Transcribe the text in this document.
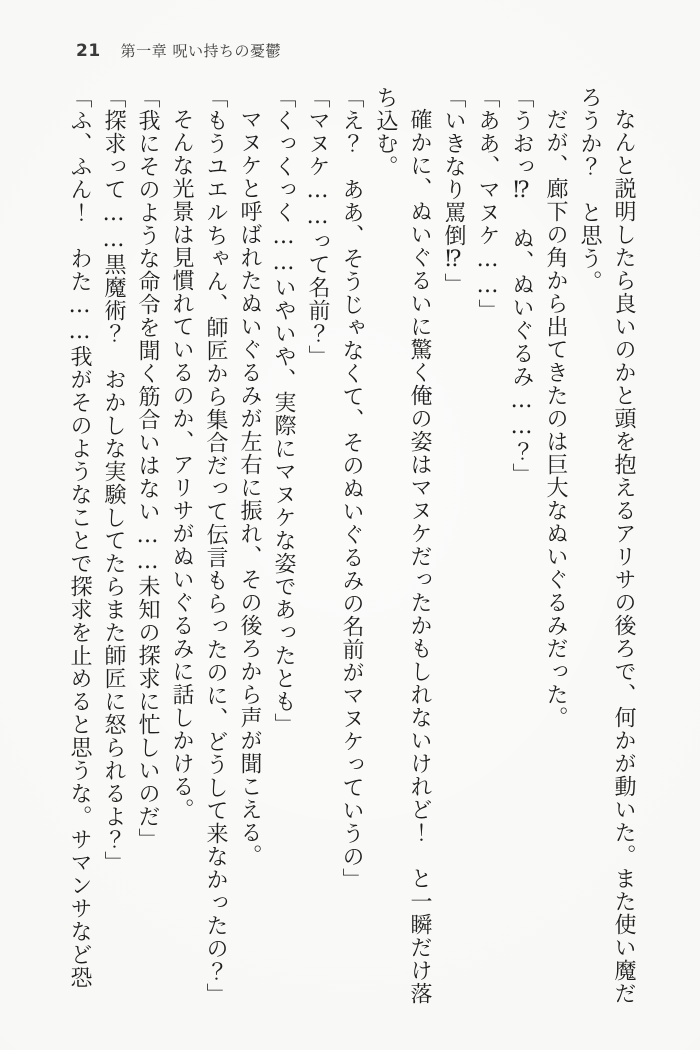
21 第一章 呪い持ちの憂鬱

なんと説明したら良いのかと頭を抱えるアリサの後ろで、何かが動いた。また使い魔だろうか？　と思う。

だが、廊下の角から出てきたのは巨大なぬいぐるみだった。

「うおっ⁉　ぬ、ぬいぐるみ……？」

「ああ、マヌケ……」

「いきなり罵倒⁉」

確かに、ぬいぐるいに驚く俺の姿はマヌケだったかもしれないけれど！　と一瞬だけ落ち込む。

「え？　ああ、そうじゃなくて、そのぬいぐるみの名前がマヌケっていうの」

「マヌケ……って名前？」

「くっくっく……いやいや、実際にマヌケな姿であったとも」

マヌケと呼ばれたぬいぐるみが左右に振れ、その後ろから声が聞こえる。

「もうユエルちゃん、師匠から集合だって伝言もらったのに、どうして来なかったの？」

そんな光景は見慣れているのか、アリサがぬいぐるみに話しかける。

「我にそのような命令を聞く筋合いはない……未知の探求に忙しいのだ」

「探求って……黒魔術？　おかしな実験してたらまた師匠に怒られるよ？」

「ふ、ふん！　わた……我がそのようなことで探求を止めると思うな。サマンサなど恐
